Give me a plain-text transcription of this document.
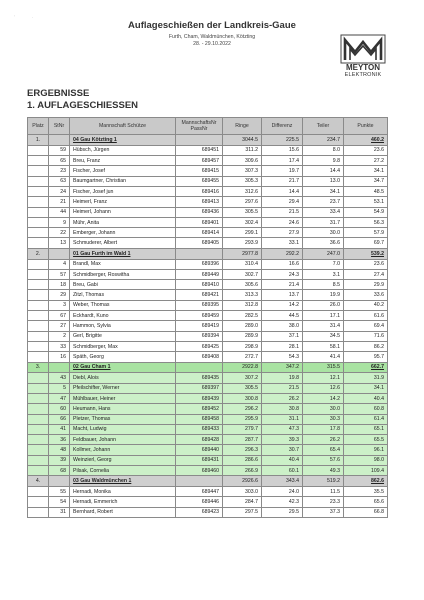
' .
Auflageschießen der Landkreis-Gaue
Furth, Cham, Waldmünchen, Kötzting
28. - 29.10.2022
MEYTON
ELEKTRONIK
ERGEBNISSE
1. AUFLAGESCHIESSEN
Platz	StNr	Mannschaft Schütze	MannschaftsNr PassNr	Ringe	Differenz	Teiler	Punkte
1.		04 Gau Kötzting 1		3044.5	225.5	234.7	460.2
	59	Hübsch, Jürgen	689451	311.2	15.6	8.0	23.6
	65	Breu, Franz	689457	309.6	17.4	9.8	27.2
	23	Fischer, Josef	689415	307.3	19.7	14.4	34.1
	63	Baumgartner, Christian	689455	305.3	21.7	13.0	34.7
	24	Fischer, Josef jun	689416	312.6	14.4	34.1	48.5
	21	Heimerl, Franz	689413	297.6	29.4	23.7	53.1
	44	Heimerl, Johann	689436	305.5	21.5	33.4	54.9
	9	Mühr, Anita	689401	302.4	24.6	31.7	56.3
	22	Emberger, Johann	689414	299.1	27.9	30.0	57.9
	13	Schmuderer, Albert	689405	293.9	33.1	36.6	69.7
2.		01 Gau Furth im Wald 1		2977.8	292.2	247.0	539.2
	4	Brandl, Max	689396	310.4	16.6	7.0	23.6
	57	Schmidberger, Roswitha	689449	302.7	24.3	3.1	27.4
	18	Breu, Gabi	689410	305.6	21.4	8.5	29.9
	29	Zitzl, Thomas	689421	313.3	13.7	19.9	33.6
	3	Weber, Thomas	689395	312.8	14.2	26.0	40.2
	67	Eckhardt, Kuno	689459	282.5	44.5	17.1	61.6
	27	Hammon, Sylvia	689419	289.0	38.0	31.4	69.4
	2	Gerl, Brigitte	689394	289.9	37.1	34.5	71.6
	33	Schmidberger, Max	689425	298.9	28.1	58.1	86.2
	16	Späth, Georg	689408	272.7	54.3	41.4	95.7
3.		02 Gau Cham 1		2922.8	347.2	315.5	662.7
	43	Diebl, Alois	689435	307.2	19.8	12.1	31.9
	5	Pfeilschifter, Werner	689397	305.5	21.5	12.6	34.1
	47	Mühlbauer, Heiner	689439	300.8	26.2	14.2	40.4
	60	Heumann, Hans	689452	296.2	30.8	30.0	60.8
	66	Pletzer, Thomas	689458	295.9	31.1	30.3	61.4
	41	Macht, Ludwig	689433	279.7	47.3	17.8	65.1
	36	Feldbauer, Johann	689428	287.7	39.3	26.2	65.5
	48	Kollmer, Johann	689440	296.3	30.7	65.4	96.1
	39	Weinzierl, Georg	689431	286.6	40.4	57.6	98.0
	68	Pilsak, Cornelia	689460	266.9	60.1	49.3	109.4
4.		03 Gau Waldmünchen 1		2926.6	343.4	519.2	862.6
	55	Hernadi, Monika	689447	303.0	24.0	11.5	35.5
	54	Hernadi, Emmerich	689446	284.7	42.3	23.3	65.6
	31	Bernhard, Robert	689423	297.5	29.5	37.3	66.8
